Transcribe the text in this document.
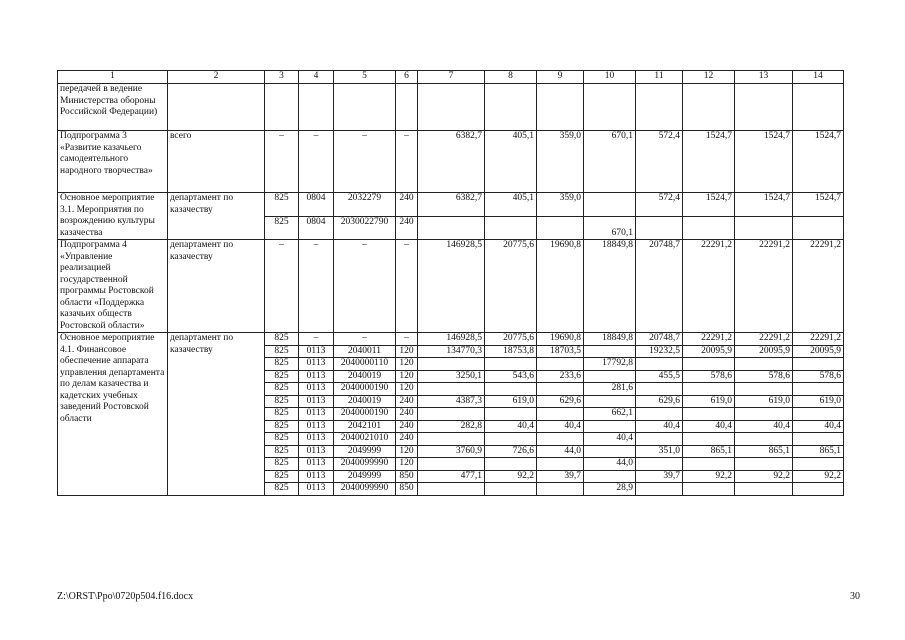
1	2	3	4	5	6	7	8	9	10	11	12	13	14
передачей в ведение Министерства обороны Российской Федерации)													
Подпрограмма 3 «Развитие казачьего самодеятельного народного творчества»	всего	–	–	–	–	6382,7	405,1	359,0	670,1	572,4	1524,7	1524,7	1524,7
Основное мероприятие 3.1. Мероприятия по возрождению культуры казачества	департамент по казачеству	825	0804	2032279	240	6382,7	405,1	359,0		572,4	1524,7	1524,7	1524,7
		825	0804	2030022790	240				670,1				
Подпрограмма 4 «Управление реализацией государственной программы Ростовской области «Поддержка казачьих обществ Ростовской области»	департамент по казачеству	–	–	–	–	146928,5	20775,6	19690,8	18849,8	20748,7	22291,2	22291,2	22291,2
Основное мероприятие 4.1. Финансовое обеспечение аппарата управления департамента по делам казачества и кадетских учебных заведений Ростовской области	департамент по казачеству	825	–	–	–	146928,5	20775,6	19690,8	18849,8	20748,7	22291,2	22291,2	22291,2
		825	0113	2040011	120	134770,3	18753,8	18703,5		19232,5	20095,9	20095,9	20095,9
		825	0113	2040000110	120				17792,8				
		825	0113	2040019	120	3250,1	543,6	233,6		455,5	578,6	578,6	578,6
		825	0113	2040000190	120				281,6				
		825	0113	2040019	240	4387,3	619,0	629,6		629,6	619,0	619,0	619,0
		825	0113	2040000190	240				662,1				
		825	0113	2042101	240	282,8	40,4	40,4		40,4	40,4	40,4	40,4
		825	0113	2040021010	240				40,4				
		825	0113	2049999	120	3760,9	726,6	44,0		351,0	865,1	865,1	865,1
		825	0113	2040099990	120				44,0				
		825	0113	2049999	850	477,1	92,2	39,7		39,7	92,2	92,2	92,2
		825	0113	2040099990	850				28,9				
Z:\ORST\Ppo\0720p504.f16.docx	30
